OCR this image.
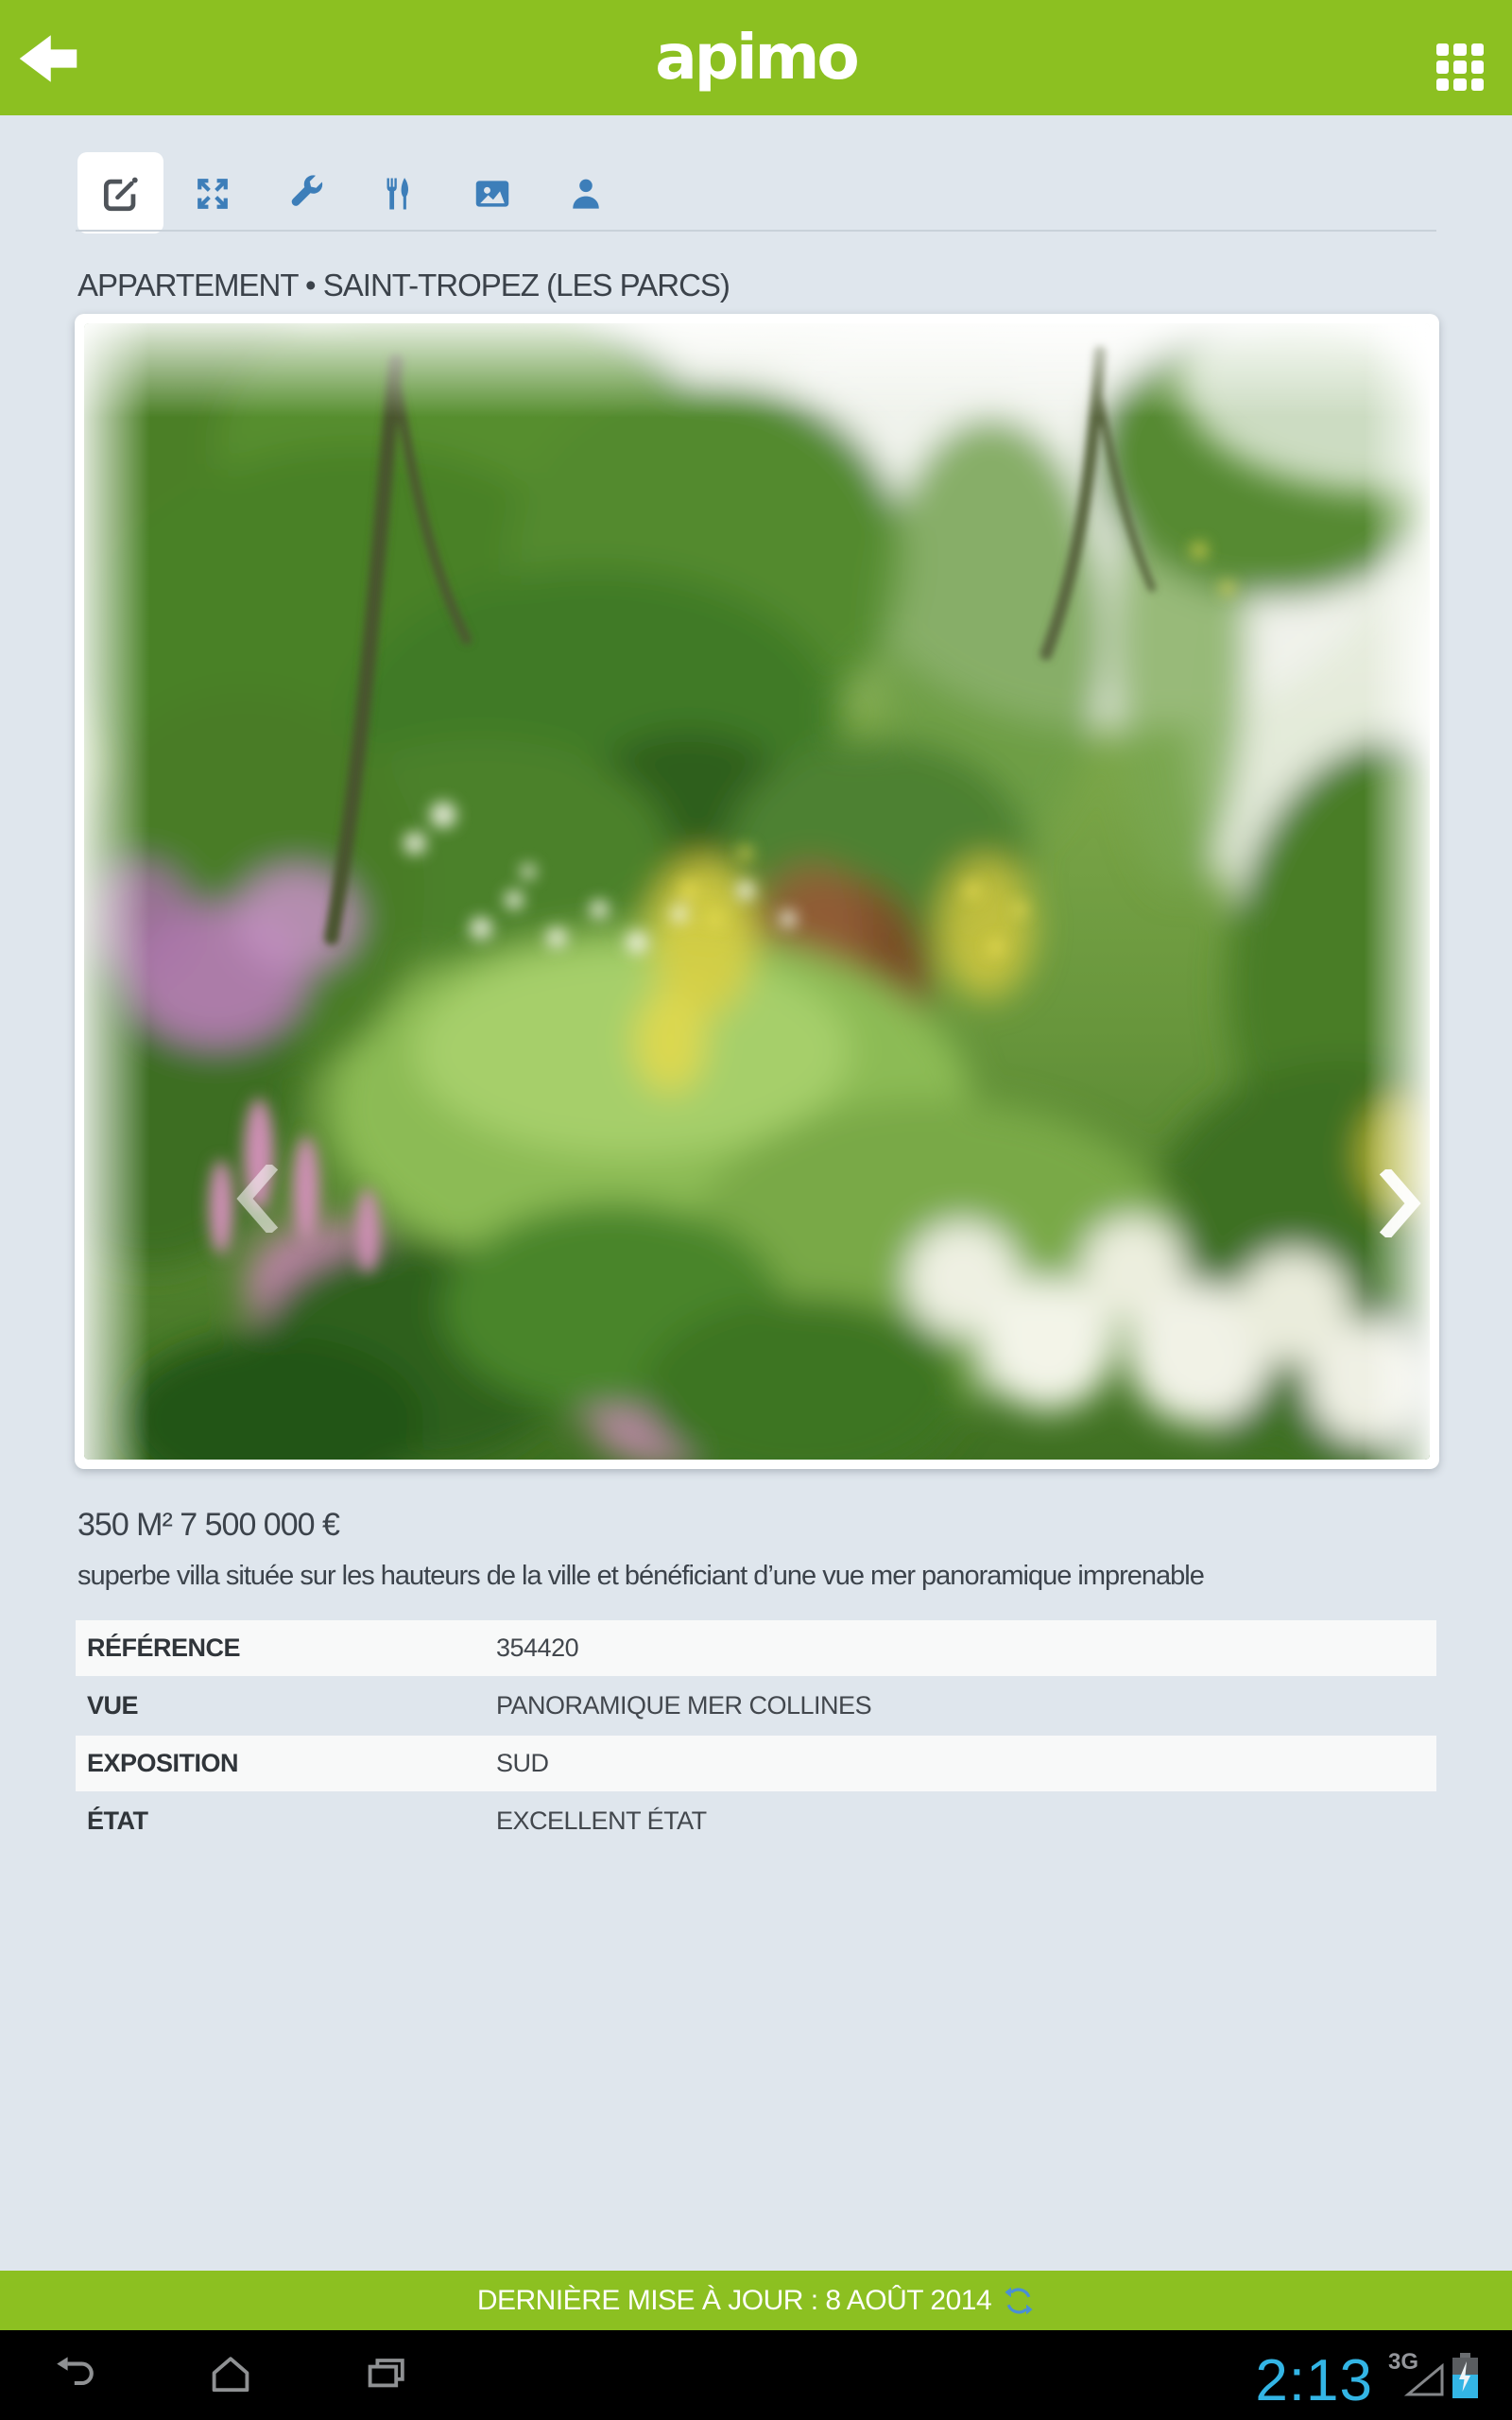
apimo
APPARTEMENT • SAINT-TROPEZ (LES PARCS)
350 M² 7 500 000 €
superbe villa située sur les hauteurs de la ville et bénéficiant d’une vue mer panoramique imprenable
RÉFÉRENCE	354420
VUE	PANORAMIQUE MER COLLINES
EXPOSITION	SUD
ÉTAT	EXCELLENT ÉTAT
DERNIÈRE MISE À JOUR : 8 AOÛT 2014
2:13 3G
